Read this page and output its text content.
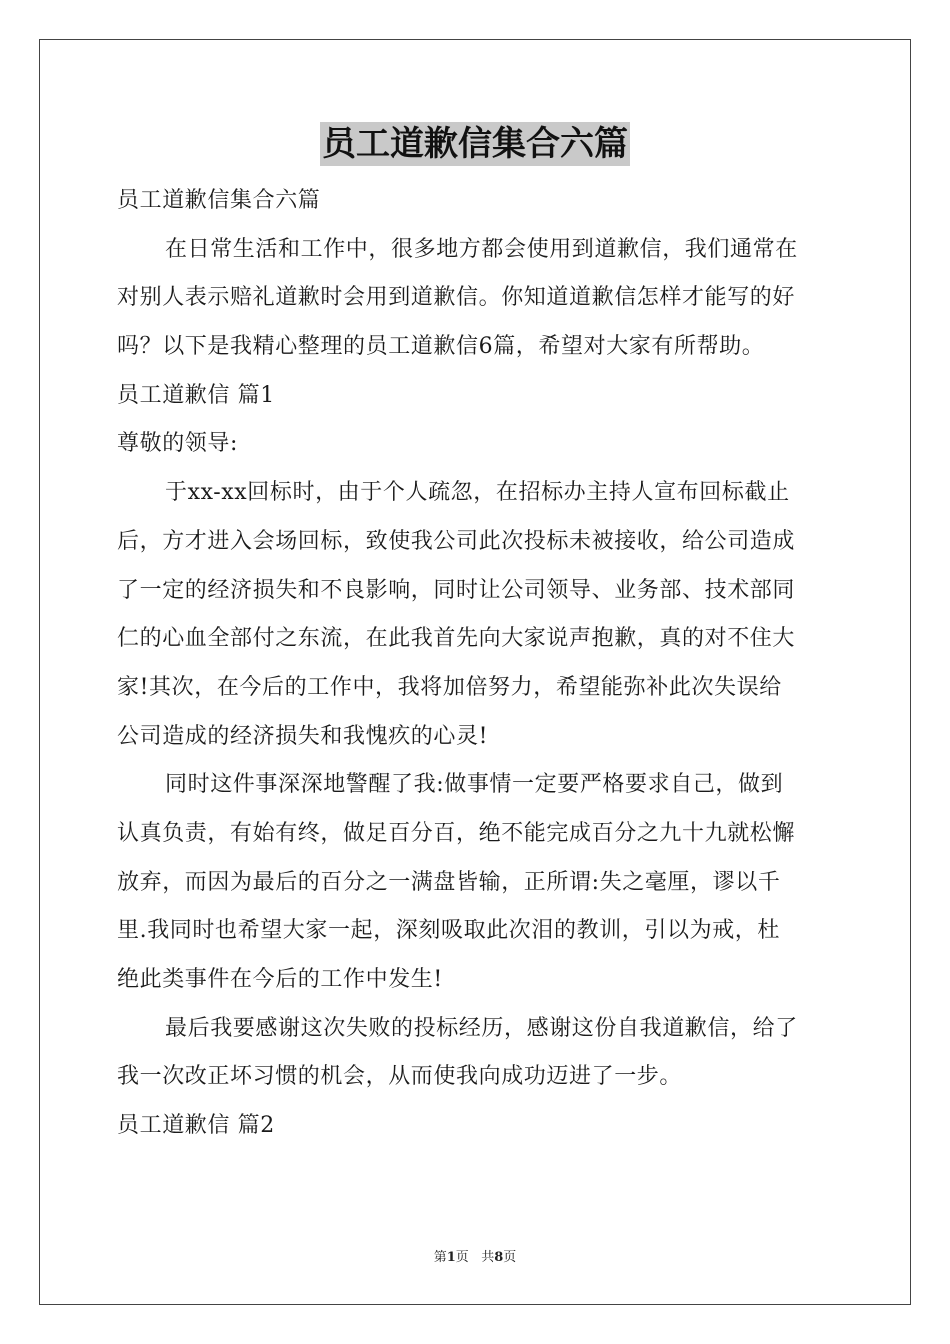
员工道歉信集合六篇
员工道歉信集合六篇
在日常生活和工作中，很多地方都会使用到道歉信，我们通常在
对别人表示赔礼道歉时会用到道歉信。你知道道歉信怎样才能写的好
吗？以下是我精心整理的员工道歉信6篇，希望对大家有所帮助。
员工道歉信 篇1
尊敬的领导:
于xx-xx回标时，由于个人疏忽，在招标办主持人宣布回标截止
后，方才进入会场回标，致使我公司此次投标未被接收，给公司造成
了一定的经济损失和不良影响，同时让公司领导、业务部、技术部同
仁的心血全部付之东流，在此我首先向大家说声抱歉，真的对不住大
家!其次，在今后的工作中，我将加倍努力，希望能弥补此次失误给
公司造成的经济损失和我愧疚的心灵!
同时这件事深深地警醒了我:做事情一定要严格要求自己，做到
认真负责，有始有终，做足百分百，绝不能完成百分之九十九就松懈
放弃，而因为最后的百分之一满盘皆输，正所谓:失之毫厘，谬以千
里.我同时也希望大家一起，深刻吸取此次泪的教训，引以为戒，杜
绝此类事件在今后的工作中发生!
最后我要感谢这次失败的投标经历，感谢这份自我道歉信，给了
我一次改正坏习惯的机会，从而使我向成功迈进了一步。
员工道歉信 篇2
第1页 共8页
